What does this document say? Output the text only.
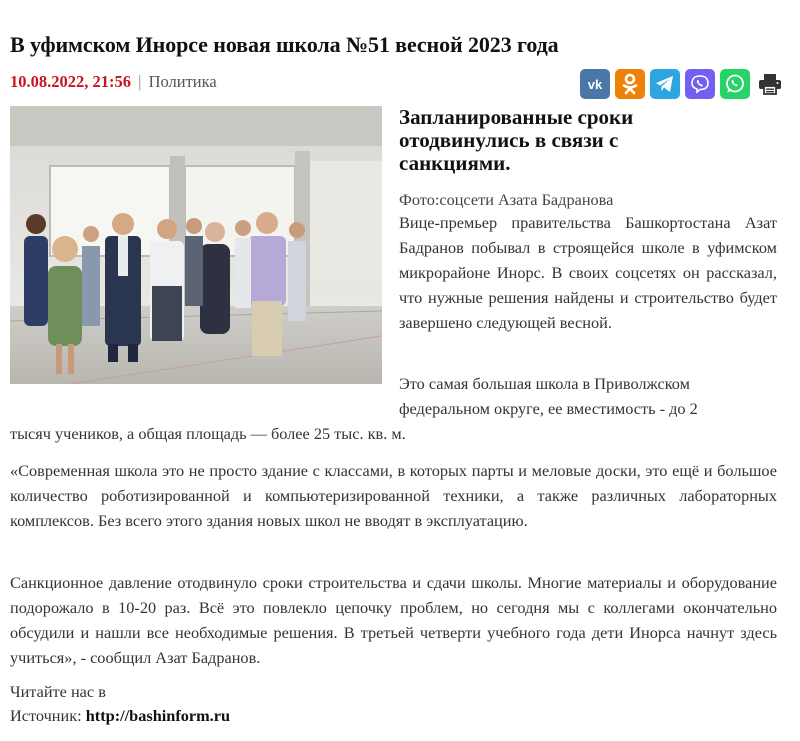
В уфимском Инорсе новая школа №51 весной 2023 года
10.08.2022, 21:56 | Политика	vk
Запланированные сроки отодвинулись в связи с санкциями.
Фото:соцсети Азата Бадранова

Вице-премьер правительства Башкортостана Азат Бадранов побывал в строящейся школе в уфимском микрорайоне Инорс. В своих соцсетях он рассказал, что нужные решения найдены и строительство будет завершено следующей весной.

Это самая большая школа в Приволжском
федеральном округе, ее вместимость - до 2
тысяч учеников, а общая площадь — более 25 тыс. кв. м.

«Современная школа это не просто здание с классами, в которых парты и меловые доски, это ещё и большое количество роботизированной и компьютеризированной техники, а также различных лабораторных комплексов. Без всего этого здания новых школ не вводят в эксплуатацию.

Санкционное давление отодвинуло сроки строительства и сдачи школы. Многие материалы и оборудование подорожало в 10-20 раз. Всё это повлекло цепочку проблем, но сегодня мы с коллегами окончательно обсудили и нашли все необходимые решения. В третьей четверти учебного года дети Инорса начнут здесь учиться», - сообщил Азат Бадранов.

Читайте нас в
Источник: http://bashinform.ru
